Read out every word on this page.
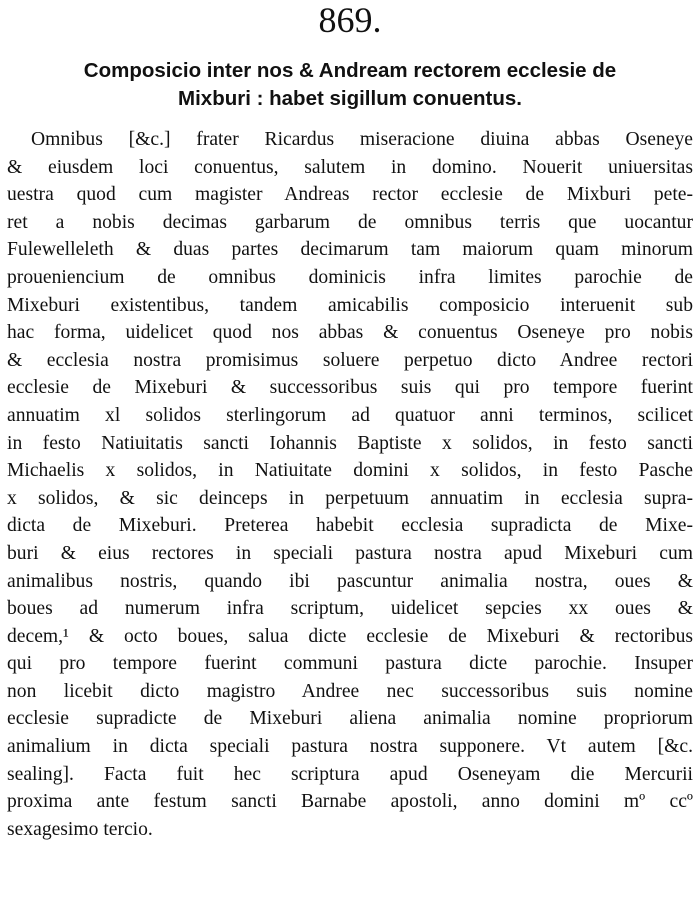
869.
Composicio inter nos & Andream rectorem ecclesie de
Mixburi : habet sigillum conuentus.
Omnibus [&c.] frater Ricardus miseracione diuina abbas Oseneye
& eiusdem loci conuentus, salutem in domino. Nouerit uniuersitas
uestra quod cum magister Andreas rector ecclesie de Mixburi pete-
ret a nobis decimas garbarum de omnibus terris que uocantur
Fulewelleleth & duas partes decimarum tam maiorum quam minorum
proueniencium de omnibus dominicis infra limites parochie de
Mixeburi existentibus, tandem amicabilis composicio interuenit sub
hac forma, uidelicet quod nos abbas & conuentus Oseneye pro nobis
& ecclesia nostra promisimus soluere perpetuo dicto Andree rectori
ecclesie de Mixeburi & successoribus suis qui pro tempore fuerint
annuatim xl solidos sterlingorum ad quatuor anni terminos, scilicet
in festo Natiuitatis sancti Iohannis Baptiste x solidos, in festo sancti
Michaelis x solidos, in Natiuitate domini x solidos, in festo Pasche
x solidos, & sic deinceps in perpetuum annuatim in ecclesia supra-
dicta de Mixeburi. Preterea habebit ecclesia supradicta de Mixe-
buri & eius rectores in speciali pastura nostra apud Mixeburi cum
animalibus nostris, quando ibi pascuntur animalia nostra, oues &
boues ad numerum infra scriptum, uidelicet sepcies xx oues &
decem,¹ & octo boues, salua dicte ecclesie de Mixeburi & rectoribus
qui pro tempore fuerint communi pastura dicte parochie. Insuper
non licebit dicto magistro Andree nec successoribus suis nomine
ecclesie supradicte de Mixeburi aliena animalia nomine propriorum
animalium in dicta speciali pastura nostra supponere. Vt autem [&c.
sealing]. Facta fuit hec scriptura apud Oseneyam die Mercurii
proxima ante festum sancti Barnabe apostoli, anno domini mº ccº
sexagesimo tercio.
